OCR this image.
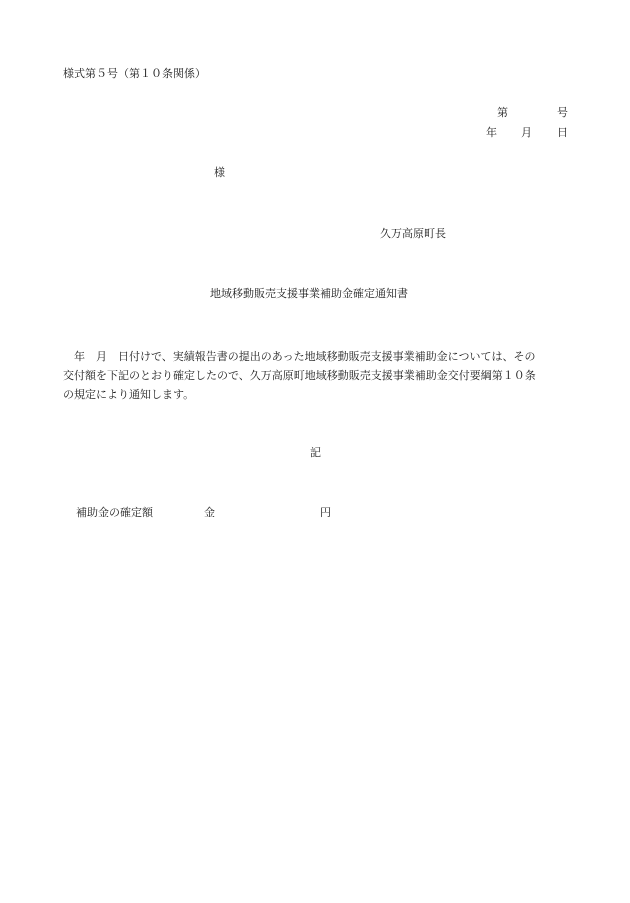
様式第５号（第１０条関係）
第	号
年 月 日
様
久万高原町長
地域移動販売支援事業補助金確定通知書
　年　月　日付けで、実績報告書の提出のあった地域移動販売支援事業補助金については、その
交付額を下記のとおり確定したので、久万高原町地域移動販売支援事業補助金交付要綱第１０条
の規定により通知します。
記
補助金の確定額	金	円
